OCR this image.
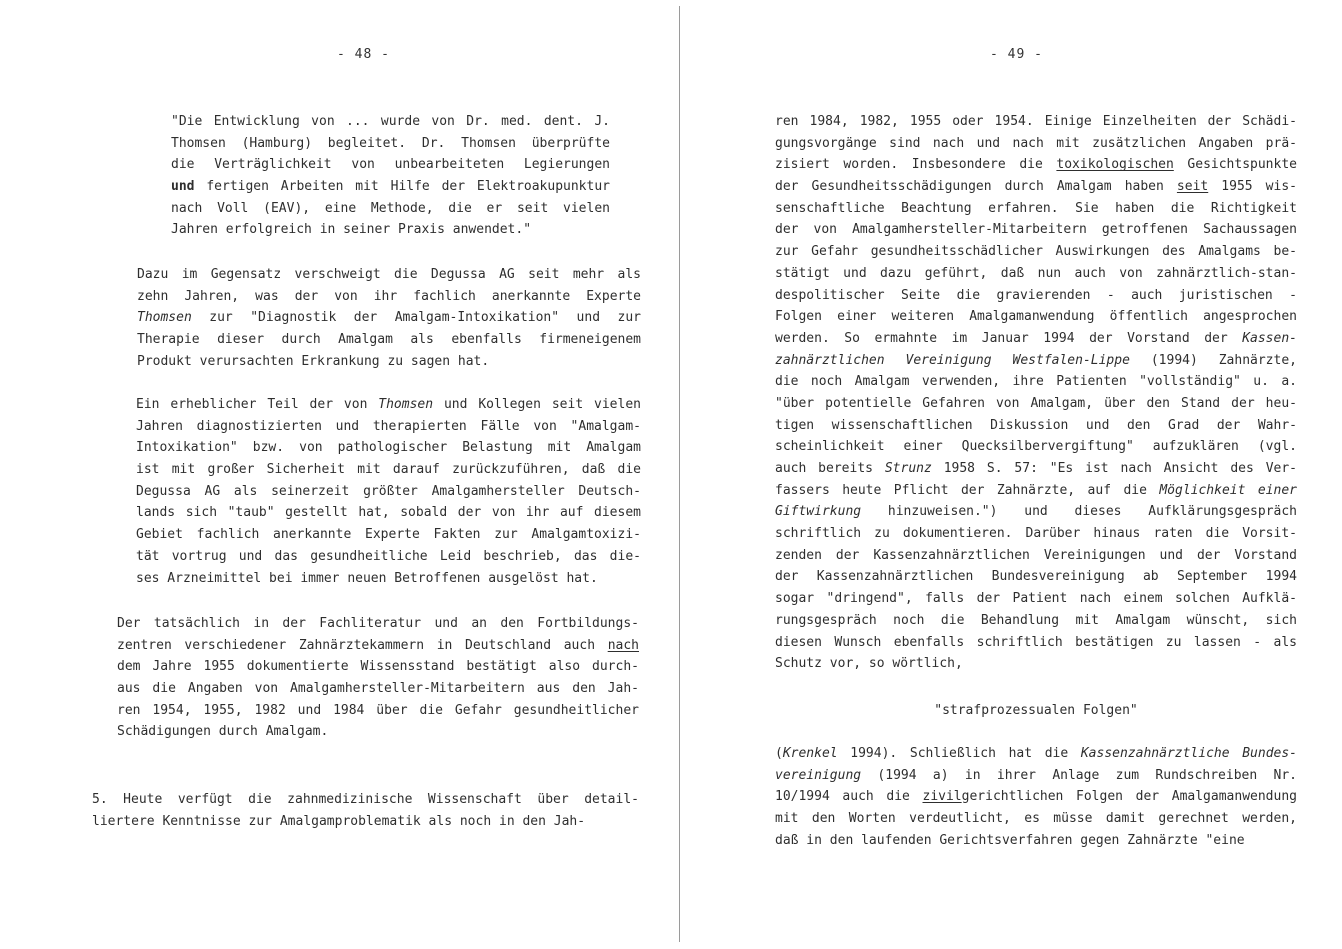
- 48 -
"Die Entwicklung von ... wurde von Dr. med. dent. J.
Thomsen (Hamburg) begleitet. Dr. Thomsen überprüfte
die Verträglichkeit von unbearbeiteten Legierungen
und fertigen Arbeiten mit Hilfe der Elektroakupunktur
nach Voll (EAV), eine Methode, die er seit vielen
Jahren erfolgreich in seiner Praxis anwendet."
Dazu im Gegensatz verschweigt die Degussa AG seit mehr als
zehn Jahren, was der von ihr fachlich anerkannte Experte
Thomsen zur "Diagnostik der Amalgam-Intoxikation" und zur
Therapie dieser durch Amalgam als ebenfalls firmeneigenem
Produkt verursachten Erkrankung zu sagen hat.
Ein erheblicher Teil der von Thomsen und Kollegen seit vielen
Jahren diagnostizierten und therapierten Fälle von "Amalgam-
Intoxikation" bzw. von pathologischer Belastung mit Amalgam
ist mit großer Sicherheit mit darauf zurückzuführen, daß die
Degussa AG als seinerzeit größter Amalgamhersteller Deutsch-
lands sich "taub" gestellt hat, sobald der von ihr auf diesem
Gebiet fachlich anerkannte Experte Fakten zur Amalgamtoxizi-
tät vortrug und das gesundheitliche Leid beschrieb, das die-
ses Arzneimittel bei immer neuen Betroffenen ausgelöst hat.
Der tatsächlich in der Fachliteratur und an den Fortbildungs-
zentren verschiedener Zahnärztekammern in Deutschland auch nach
dem Jahre 1955 dokumentierte Wissensstand bestätigt also durch-
aus die Angaben von Amalgamhersteller-Mitarbeitern aus den Jah-
ren 1954, 1955, 1982 und 1984 über die Gefahr gesundheitlicher
Schädigungen durch Amalgam.
5. Heute verfügt die zahnmedizinische Wissenschaft über detail-
liertere Kenntnisse zur Amalgamproblematik als noch in den Jah-
- 49 -
ren 1984, 1982, 1955 oder 1954. Einige Einzelheiten der Schädi-
gungsvorgänge sind nach und nach mit zusätzlichen Angaben prä-
zisiert worden. Insbesondere die toxikologischen Gesichtspunkte
der Gesundheitsschädigungen durch Amalgam haben seit 1955 wis-
senschaftliche Beachtung erfahren. Sie haben die Richtigkeit
der von Amalgamhersteller-Mitarbeitern getroffenen Sachaussagen
zur Gefahr gesundheitsschädlicher Auswirkungen des Amalgams be-
stätigt und dazu geführt, daß nun auch von zahnärztlich-stan-
despolitischer Seite die gravierenden - auch juristischen -
Folgen einer weiteren Amalgamanwendung öffentlich angesprochen
werden. So ermahnte im Januar 1994 der Vorstand der Kassen-
zahnärztlichen Vereinigung Westfalen-Lippe (1994) Zahnärzte,
die noch Amalgam verwenden, ihre Patienten "vollständig" u. a.
"über potentielle Gefahren von Amalgam, über den Stand der heu-
tigen wissenschaftlichen Diskussion und den Grad der Wahr-
scheinlichkeit einer Quecksilbervergiftung" aufzuklären (vgl.
auch bereits Strunz 1958 S. 57: "Es ist nach Ansicht des Ver-
fassers heute Pflicht der Zahnärzte, auf die Möglichkeit einer
Giftwirkung hinzuweisen.") und dieses Aufklärungsgespräch
schriftlich zu dokumentieren. Darüber hinaus raten die Vorsit-
zenden der Kassenzahnärztlichen Vereinigungen und der Vorstand
der Kassenzahnärztlichen Bundesvereinigung ab September 1994
sogar "dringend", falls der Patient nach einem solchen Aufklä-
rungsgespräch noch die Behandlung mit Amalgam wünscht, sich
diesen Wunsch ebenfalls schriftlich bestätigen zu lassen - als
Schutz vor, so wörtlich,
"strafprozessualen Folgen"
(Krenkel 1994). Schließlich hat die Kassenzahnärztliche Bundes-
vereinigung (1994 a) in ihrer Anlage zum Rundschreiben Nr.
10/1994 auch die zivilgerichtlichen Folgen der Amalgamanwendung
mit den Worten verdeutlicht, es müsse damit gerechnet werden,
daß in den laufenden Gerichtsverfahren gegen Zahnärzte "eine
